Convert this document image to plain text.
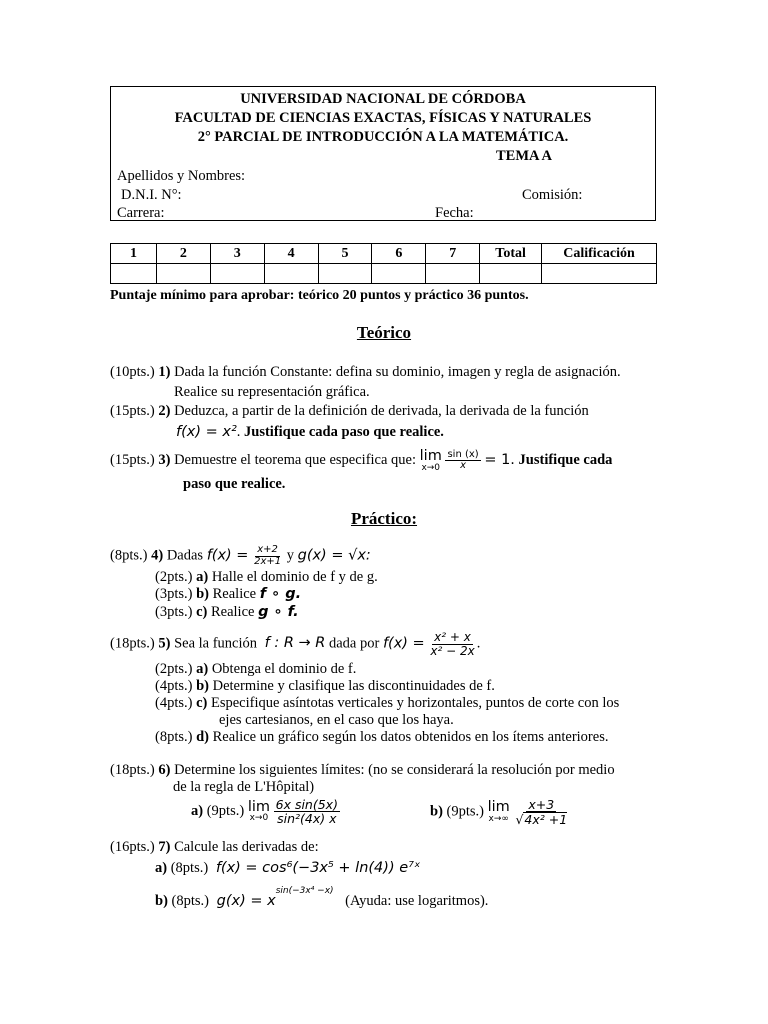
UNIVERSIDAD NACIONAL DE CÓRDOBA
FACULTAD DE CIENCIAS EXACTAS, FÍSICAS Y NATURALES
2° PARCIAL DE INTRODUCCIÓN A LA MATEMÁTICA.
TEMA A
Apellidos y Nombres:
D.N.I. N°:	Comisión:
Carrera:	Fecha:
1	2	3	4	5	6	7	Total	Calificación

Puntaje mínimo para aprobar: teórico 20 puntos y práctico 36 puntos.
Teórico
(10pts.) 1) Dada la función Constante: defina su dominio, imagen y regla de asignación.
Realice su representación gráfica.
(15pts.) 2) Deduzca, a partir de la definición de derivada, la derivada de la función
f(x) = x². Justifique cada paso que realice.
(15pts.) 3) Demuestre el teorema que especifica que: lim
x→0
$\frac{\sin (x)}{x} = 1$. Justifique cada
paso que realice.
Práctico:
(8pts.) 4) Dadas $f(x) = \frac{x+2}{2x+1}$ y g(x) = √x:
(2pts.) a) Halle el dominio de f y de g.
(3pts.) b) Realice f ∘ g.
(3pts.) c) Realice g ∘ f.
(18pts.) 5) Sea la función f : R → R dada por $f(x) = \frac{\text{x² + x}}{\text{x² − 2x}}$ .
(2pts.) a) Obtenga el dominio de f.
(4pts.) b) Determine y clasifique las discontinuidades de f.
(4pts.) c) Especifique asíntotas verticales y horizontales, puntos de corte con los
ejes cartesianos, en el caso que los haya.
(8pts.) d) Realice un gráfico según los datos obtenidos en los ítems anteriores.
(18pts.) 6) Determine los siguientes límites: (no se considerará la resolución por medio
de la regla de L'Hôpital)
a) (9pts.) lim
x→0
$\frac{\text{6x sin(5x)}}{\text{sin²(4x) x}}$	b) (9pts.) lim
x→∞
$\frac{x+3}{\text{√4x² +1}}$
(16pts.) 7) Calcule las derivadas de:
a) (8pts.) f(x) = cos⁶(−3x⁵ + ln(4)) e⁷ˣ
b) (8pts.) $g(x) = x^{sin(-3x^4 -x)}$ (Ayuda: use logaritmos).
